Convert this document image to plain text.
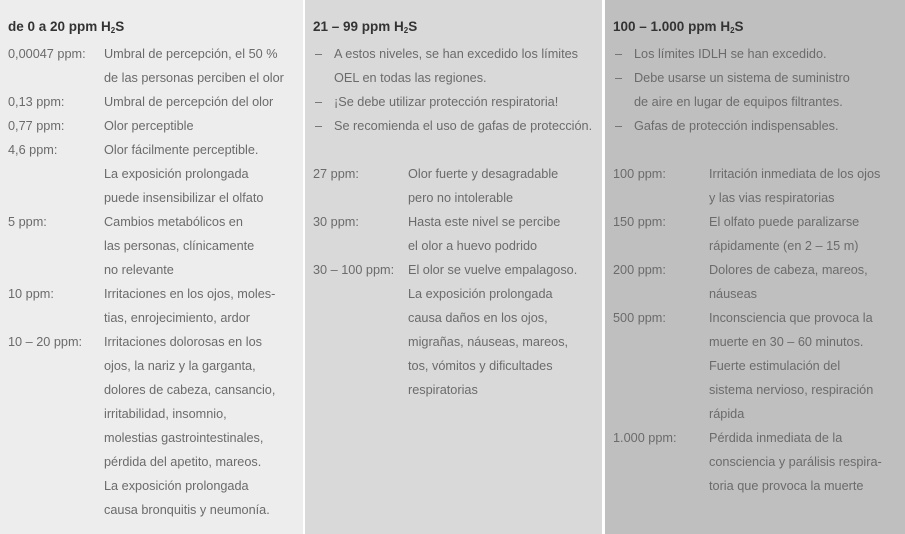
de 0 a 20 ppm $H_2S$
0,00047 ppm:	Umbral de percepción, el 50 %
de las personas perciben el olor
0,13 ppm:	Umbral de percepción del olor
0,77 ppm:	Olor perceptible
4,6 ppm:	Olor fácilmente perceptible.
La exposición prolongada
puede insensibilizar el olfato
5 ppm:	Cambios metabólicos en
las personas, clínicamente
no relevante
10 ppm:	Irritaciones en los ojos, moles-
tias, enrojecimiento, ardor
10 – 20 ppm:	Irritaciones dolorosas en los
ojos, la nariz y la garganta,
dolores de cabeza, cansancio,
irritabilidad, insomnio,
molestias gastrointestinales,
pérdida del apetito, mareos.
La exposición prolongada
causa bronquitis y neumonía.
21 – 99 ppm $H_2S$
– A estos niveles, se han excedido los límites
OEL en todas las regiones.
– ¡Se debe utilizar protección respiratoria!
– Se recomienda el uso de gafas de protección.
27 ppm:	Olor fuerte y desagradable
pero no intolerable
30 ppm:	Hasta este nivel se percibe
el olor a huevo podrido
30 – 100 ppm:	El olor se vuelve empalagoso.
La exposición prolongada
causa daños en los ojos,
migrañas, náuseas, mareos,
tos, vómitos y dificultades
respiratorias
100 – 1.000 ppm $H_2S$
– Los límites IDLH se han excedido.
– Debe usarse un sistema de suministro
de aire en lugar de equipos filtrantes.
– Gafas de protección indispensables.
100 ppm:	Irritación inmediata de los ojos
y las vias respiratorias
150 ppm:	El olfato puede paralizarse
rápidamente (en 2 – 15 m)
200 ppm:	Dolores de cabeza, mareos,
náuseas
500 ppm:	Inconsciencia que provoca la
muerte en 30 – 60 minutos.
Fuerte estimulación del
sistema nervioso, respiración
rápida
1.000 ppm:	Pérdida inmediata de la
consciencia y parálisis respira-
toria que provoca la muerte
